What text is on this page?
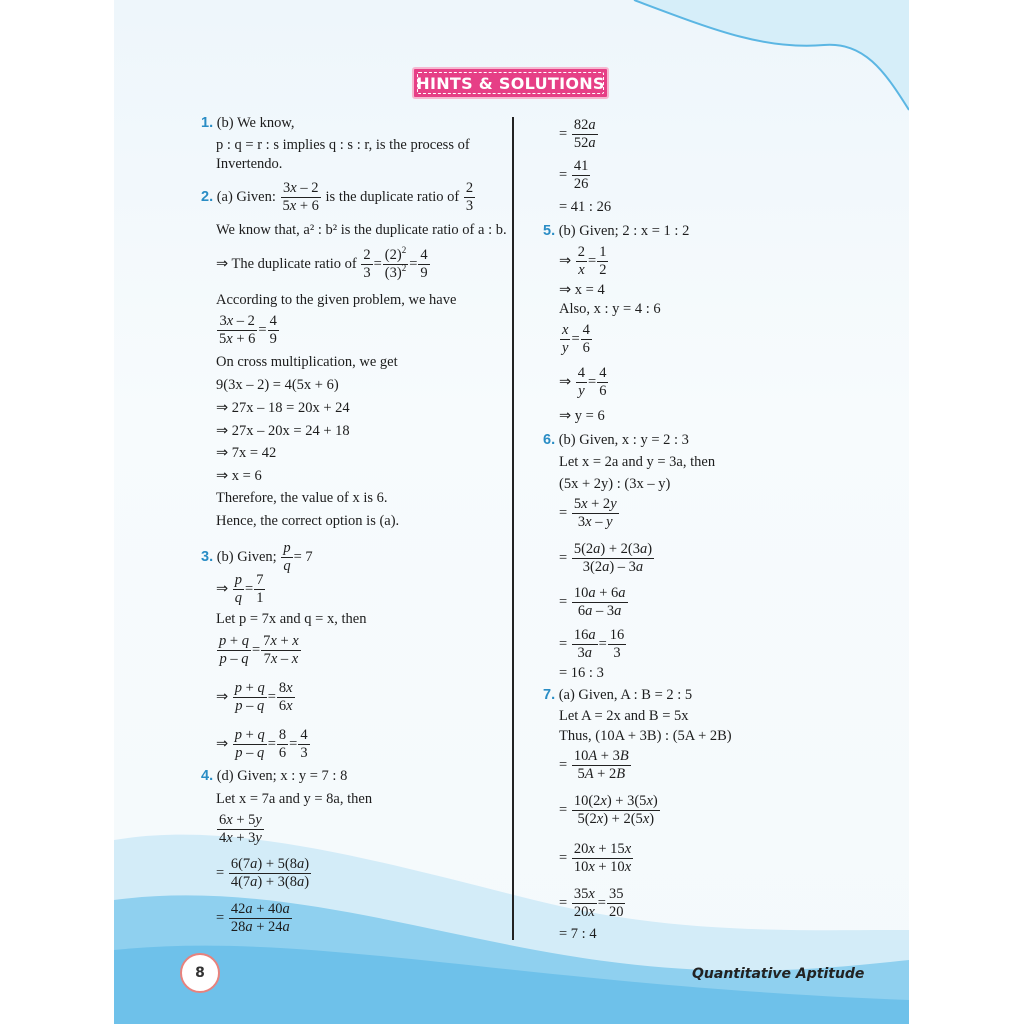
HINTS & SOLUTIONS
1. (b) We know,
p : q = r : s implies q : s : r, is the process of
Invertendo.
2. (a) Given: $\frac{3x - 2}{5x + 6}$ is the duplicate ratio of $\frac{2}{3}$
We know that, a² : b² is the duplicate ratio of a : b.
⇒ The duplicate ratio of $\frac{2}{3} = \frac{(2)^2}{(3)^2} = \frac{4}{9}$
According to the given problem, we have
$\frac{3x - 2}{5x + 6} = \frac{4}{9}$
On cross multiplication, we get
9(3x – 2) = 4(5x + 6)
⇒ 27x – 18 = 20x + 24
⇒ 27x – 20x = 24 + 18
⇒ 7x = 42
⇒ x = 6
Therefore, the value of x is 6.
Hence, the correct option is (a).
3. (b) Given; $\frac{p}{q} = 7$
⇒ $\frac{p}{q} = \frac{7}{1}$
Let p = 7x and q = x, then
$\frac{p + q}{p - q} = \frac{7x + x}{7x - x}$
⇒ $\frac{p + q}{p - q} = \frac{8x}{6x}$
⇒ $\frac{p + q}{p - q} = \frac{8}{6} = \frac{4}{3}$
4. (d) Given; x : y = 7 : 8
Let x = 7a and y = 8a, then
$\frac{6x + 5y}{4x + 3y}$
= $\frac{6(7a) + 5(8a)}{4(7a) + 3(8a)}$
= $\frac{42a + 40a}{28a + 24a}$
= $\frac{82a}{52a}$
= $\frac{41}{26}$
= 41 : 26
5. (b) Given; 2 : x = 1 : 2
⇒ $\frac{2}{x} = \frac{1}{2}$
⇒ x = 4
Also, x : y = 4 : 6
$\frac{x}{y} = \frac{4}{6}$
⇒ $\frac{4}{y} = \frac{4}{6}$
⇒ y = 6
6. (b) Given, x : y = 2 : 3
Let x = 2a and y = 3a, then
(5x + 2y) : (3x – y)
= $\frac{5x + 2y}{3x - y}$
= $\frac{5(2a) + 2(3a)}{3(2a) - 3a}$
= $\frac{10a + 6a}{6a - 3a}$
= $\frac{16a}{3a} = \frac{16}{3}$
= 16 : 3
7. (a) Given, A : B = 2 : 5
Let A = 2x and B = 5x
Thus, (10A + 3B) : (5A + 2B)
= $\frac{10A + 3B}{5A + 2B}$
= $\frac{10(2x) + 3(5x)}{5(2x) + 2(5x)}$
= $\frac{20x + 15x}{10x + 10x}$
= $\frac{35x}{20x} = \frac{35}{20}$
= 7 : 4
8	Quantitative Aptitude
